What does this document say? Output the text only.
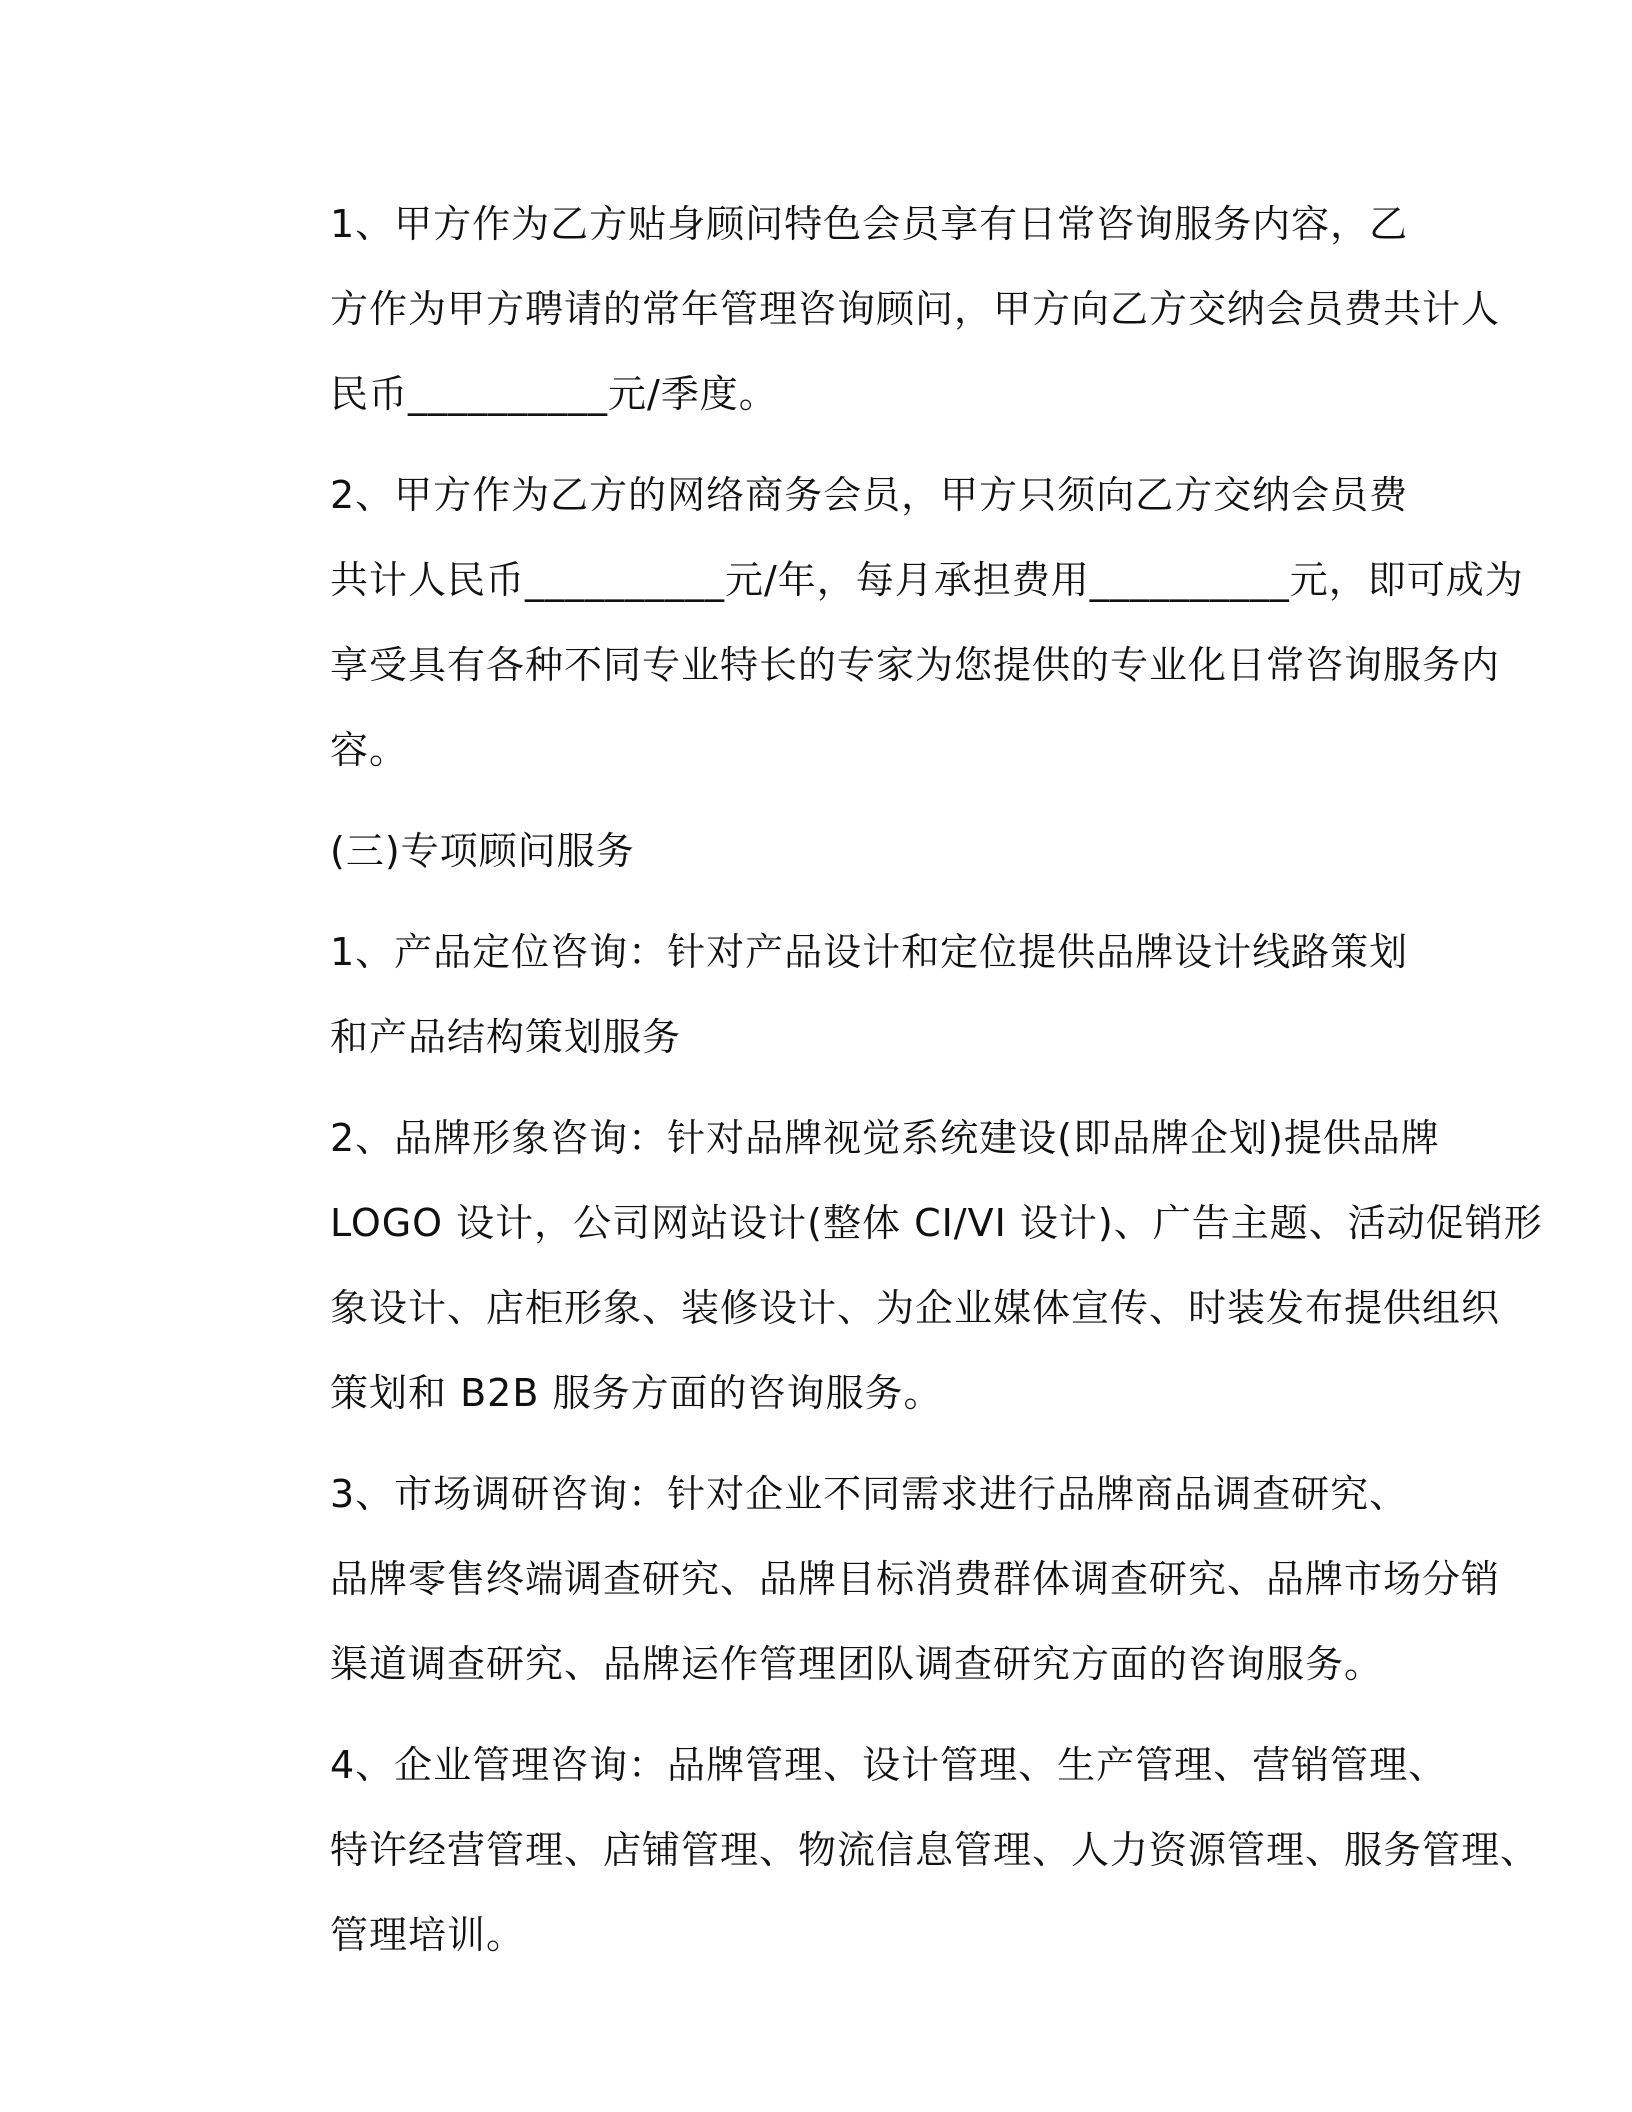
1、甲方作为乙方贴身顾问特色会员享有日常咨询服务内容，乙
方作为甲方聘请的常年管理咨询顾问，甲方向乙方交纳会员费共计人
民币__________元/季度。

2、甲方作为乙方的网络商务会员，甲方只须向乙方交纳会员费
共计人民币__________元/年，每月承担费用__________元，即可成为
享受具有各种不同专业特长的专家为您提供的专业化日常咨询服务内
容。

(三)专项顾问服务

1、产品定位咨询：针对产品设计和定位提供品牌设计线路策划
和产品结构策划服务

2、品牌形象咨询：针对品牌视觉系统建设(即品牌企划)提供品牌
LOGO 设计，公司网站设计(整体 CI/VI 设计)、广告主题、活动促销形
象设计、店柜形象、装修设计、为企业媒体宣传、时装发布提供组织
策划和 B2B 服务方面的咨询服务。

3、市场调研咨询：针对企业不同需求进行品牌商品调查研究、
品牌零售终端调查研究、品牌目标消费群体调查研究、品牌市场分销
渠道调查研究、品牌运作管理团队调查研究方面的咨询服务。

4、企业管理咨询：品牌管理、设计管理、生产管理、营销管理、
特许经营管理、店铺管理、物流信息管理、人力资源管理、服务管理、
管理培训。
